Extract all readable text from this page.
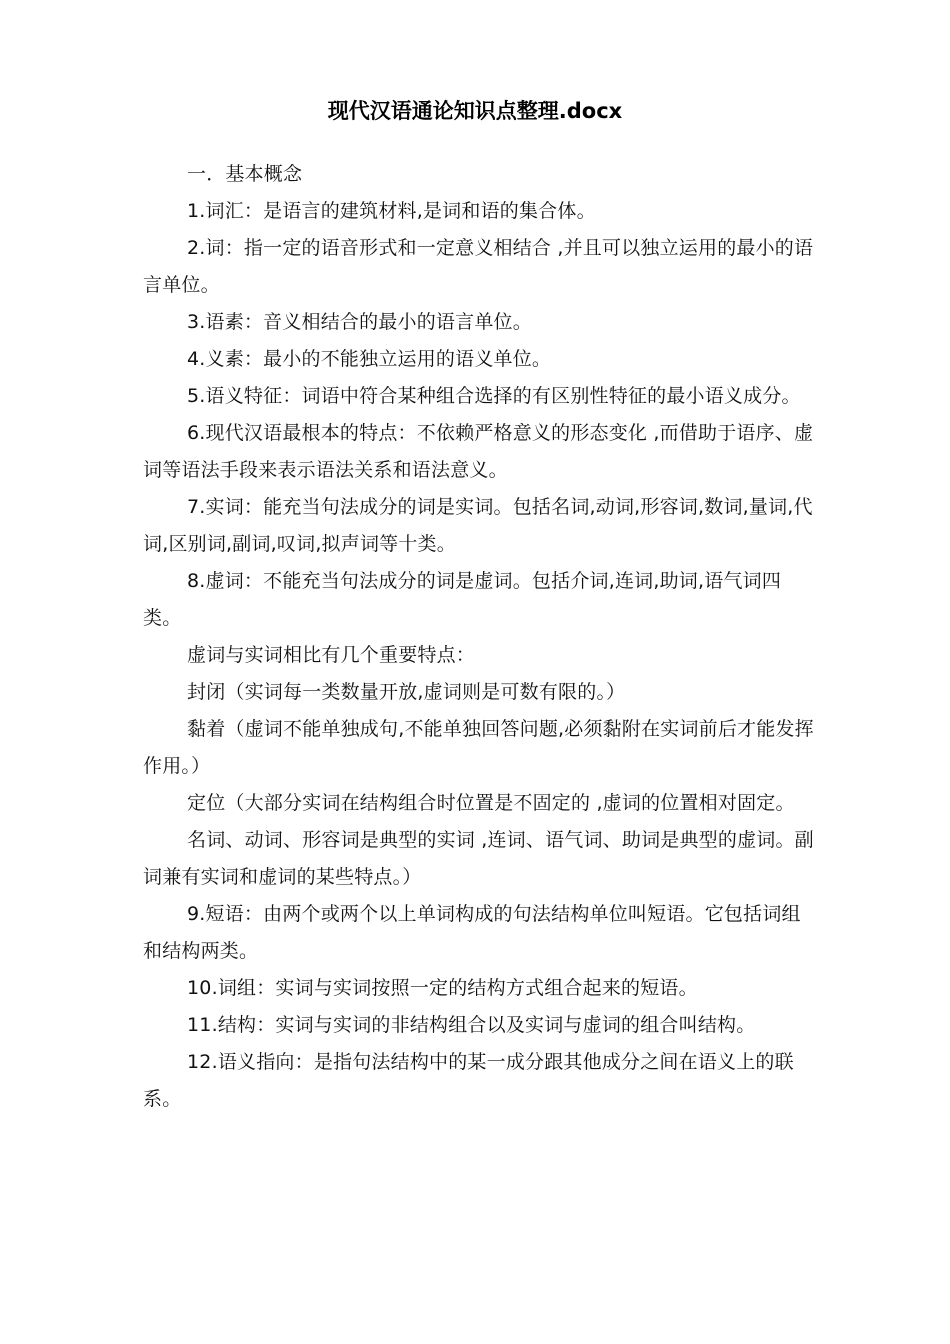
现代汉语通论知识点整理.docx

一．基本概念

1.词汇：是语言的建筑材料,是词和语的集合体。

2.词：指一定的语音形式和一定意义相结合 ,并且可以独立运用的最小的语言单位。

3.语素：音义相结合的最小的语言单位。

4.义素：最小的不能独立运用的语义单位。

5.语义特征：词语中符合某种组合选择的有区别性特征的最小语义成分。

6.现代汉语最根本的特点：不依赖严格意义的形态变化 ,而借助于语序、虚词等语法手段来表示语法关系和语法意义。

7.实词：能充当句法成分的词是实词。包括名词,动词,形容词,数词,量词,代词,区别词,副词,叹词,拟声词等十类。

8.虚词：不能充当句法成分的词是虚词。包括介词,连词,助词,语气词四类。

虚词与实词相比有几个重要特点：

封闭（实词每一类数量开放,虚词则是可数有限的。）

黏着（虚词不能单独成句,不能单独回答问题,必须黏附在实词前后才能发挥作用。）

定位（大部分实词在结构组合时位置是不固定的 ,虚词的位置相对固定。

名词、动词、形容词是典型的实词 ,连词、语气词、助词是典型的虚词。副词兼有实词和虚词的某些特点。）

9.短语：由两个或两个以上单词构成的句法结构单位叫短语。它包括词组和结构两类。

10.词组：实词与实词按照一定的结构方式组合起来的短语。

11.结构：实词与实词的非结构组合以及实词与虚词的组合叫结构。

12.语义指向：是指句法结构中的某一成分跟其他成分之间在语义上的联系。
